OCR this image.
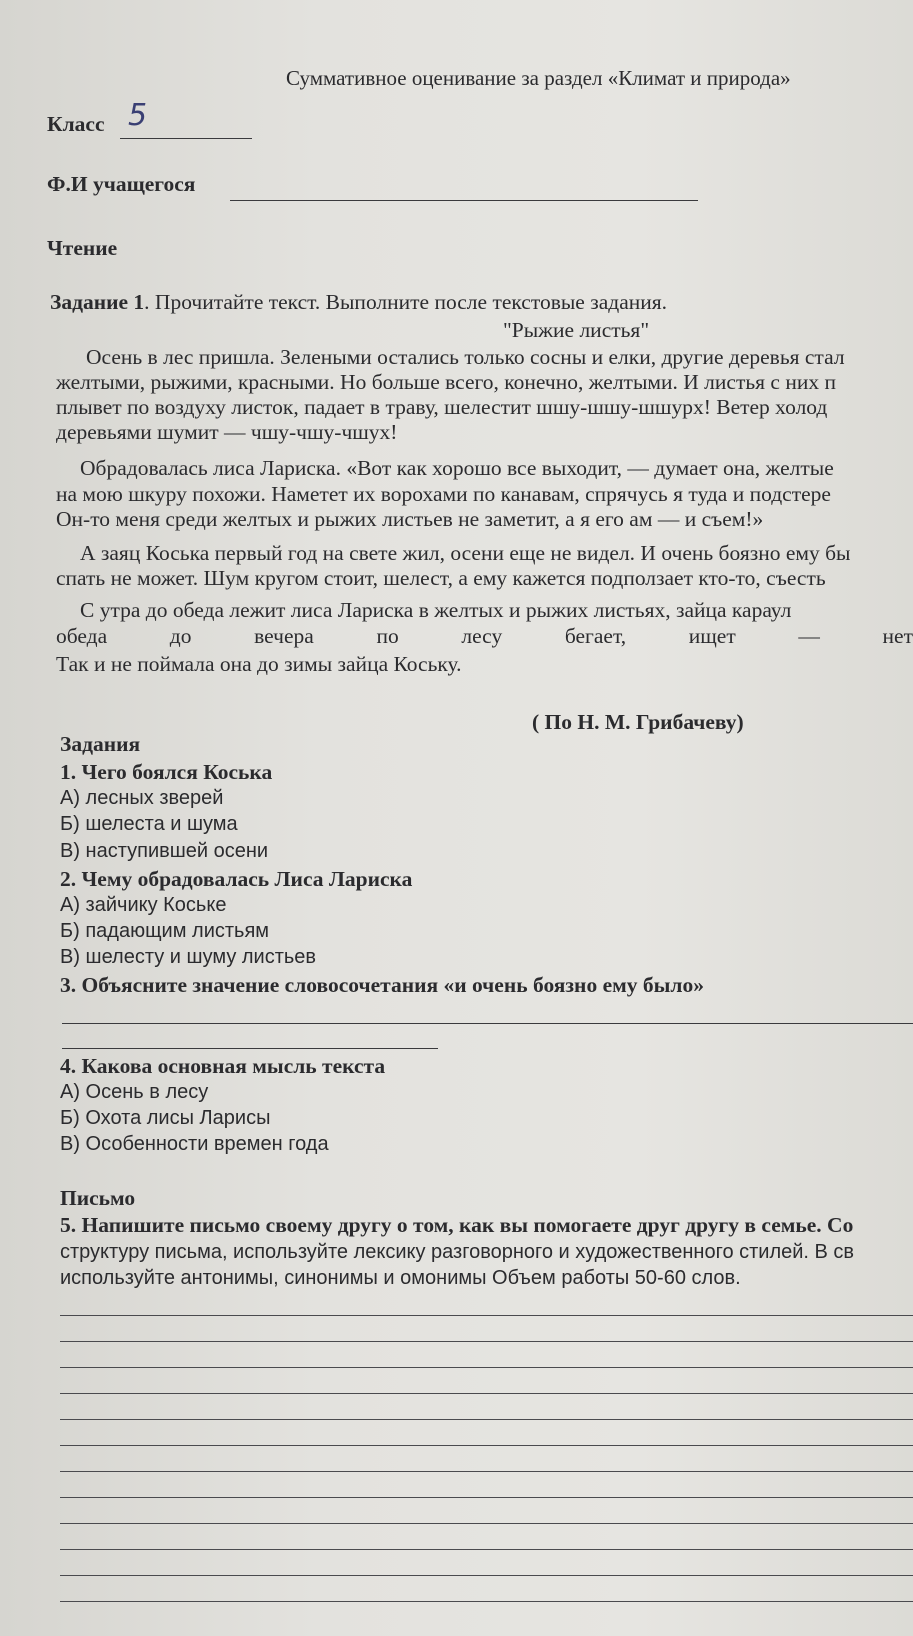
Суммативное оценивание за раздел «Климат и природа»
Класс 5
Ф.И учащегося
Чтение
Задание 1. Прочитайте текст. Выполните после текстовые задания.
"Рыжие листья"
Осень в лес пришла. Зелеными остались только сосны и елки, другие деревья стал
желтыми, рыжими, красными. Но больше всего, конечно, желтыми. И листья с них п
плывет по воздуху листок, падает в траву, шелестит шшу-шшу-шшурх! Ветер холод
деревьями шумит — чшу-чшу-чшух!
Обрадовалась лиса Лариска. «Вот как хорошо все выходит, — думает она, желтые
на мою шкуру похожи. Наметет их ворохами по канавам, спрячусь я туда и подстере
Он-то меня среди желтых и рыжих листьев не заметит, а я его ам — и съем!»
А заяц Коська первый год на свете жил, осени еще не видел. И очень боязно ему бы
спать не может. Шум кругом стоит, шелест, а ему кажется подползает кто-то, съесть
С утра до обеда лежит лиса Лариска в желтых и рыжих листьях, зайца караул
обеда	до	вечера	по	лесу	бегает,	ищет	—	нет
Так и не поймала она до зимы зайца Коську.
( По Н. М. Грибачеву)
Задания
1. Чего боялся Коська
А) лесных зверей
Б) шелеста и шума
В) наступившей осени
2. Чему обрадовалась Лиса Лариска
А) зайчику Коське
Б) падающим листьям
В) шелесту и шуму листьев
3. Объясните значение словосочетания «и очень боязно ему было»
4. Какова основная мысль текста
А) Осень в лесу
Б) Охота лисы Ларисы
В) Особенности времен года
Письмо
5. Напишите письмо своему другу о том, как вы помогаете друг другу в семье. Со
структуру письма, используйте лексику разговорного и художественного стилей. В св
используйте антонимы, синонимы и омонимы Объем работы 50-60 слов.
